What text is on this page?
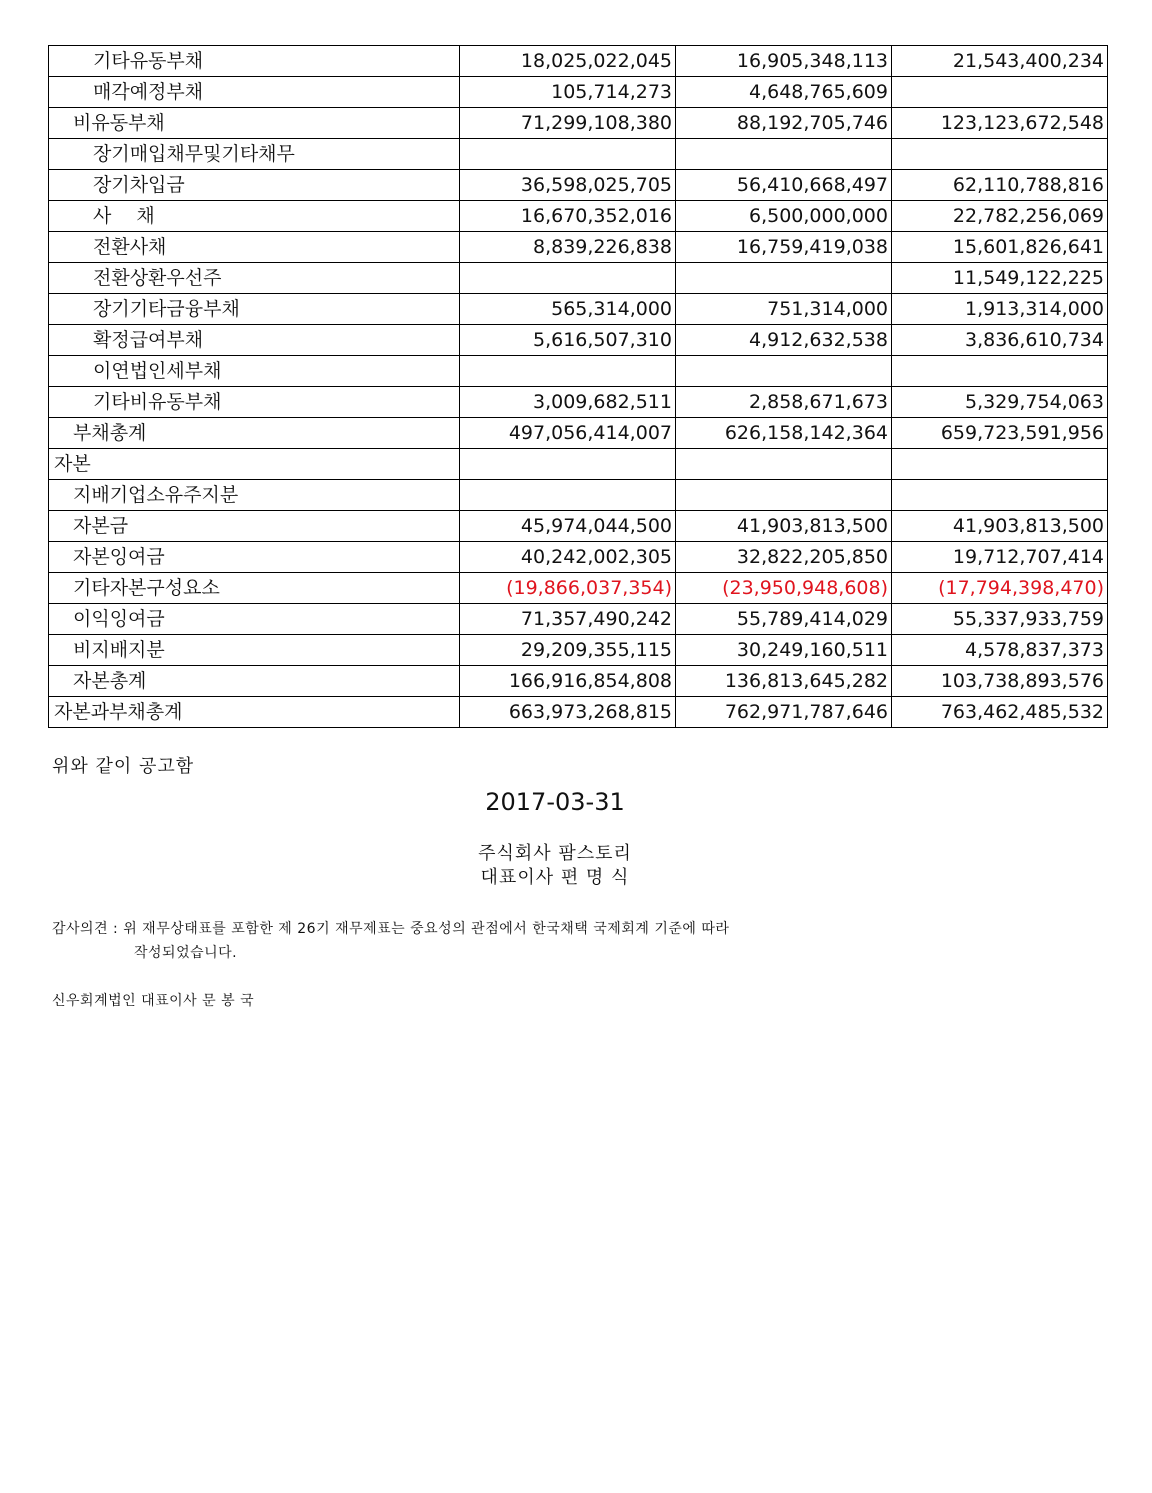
기타유동부채	18,025,022,045	16,905,348,113	21,543,400,234
매각예정부채	105,714,273	4,648,765,609	
비유동부채	71,299,108,380	88,192,705,746	123,123,672,548
장기매입채무및기타채무			
장기차입금	36,598,025,705	56,410,668,497	62,110,788,816
사　 채	16,670,352,016	6,500,000,000	22,782,256,069
전환사채	8,839,226,838	16,759,419,038	15,601,826,641
전환상환우선주			11,549,122,225
장기기타금융부채	565,314,000	751,314,000	1,913,314,000
확정급여부채	5,616,507,310	4,912,632,538	3,836,610,734
이연법인세부채			
기타비유동부채	3,009,682,511	2,858,671,673	5,329,754,063
부채총계	497,056,414,007	626,158,142,364	659,723,591,956
자본			
지배기업소유주지분			
자본금	45,974,044,500	41,903,813,500	41,903,813,500
자본잉여금	40,242,002,305	32,822,205,850	19,712,707,414
기타자본구성요소	(19,866,037,354)	(23,950,948,608)	(17,794,398,470)
이익잉여금	71,357,490,242	55,789,414,029	55,337,933,759
비지배지분	29,209,355,115	30,249,160,511	4,578,837,373
자본총계	166,916,854,808	136,813,645,282	103,738,893,576
자본과부채총계	663,973,268,815	762,971,787,646	763,462,485,532
위와 같이 공고함
2017-03-31
주식회사 팜스토리
대표이사 편 명 식
감사의견 : 위 재무상태표를 포함한 제 26기 재무제표는 중요성의 관점에서 한국채택 국제회계 기준에 따라
작성되었습니다.
신우회계법인 대표이사 문 봉 국
